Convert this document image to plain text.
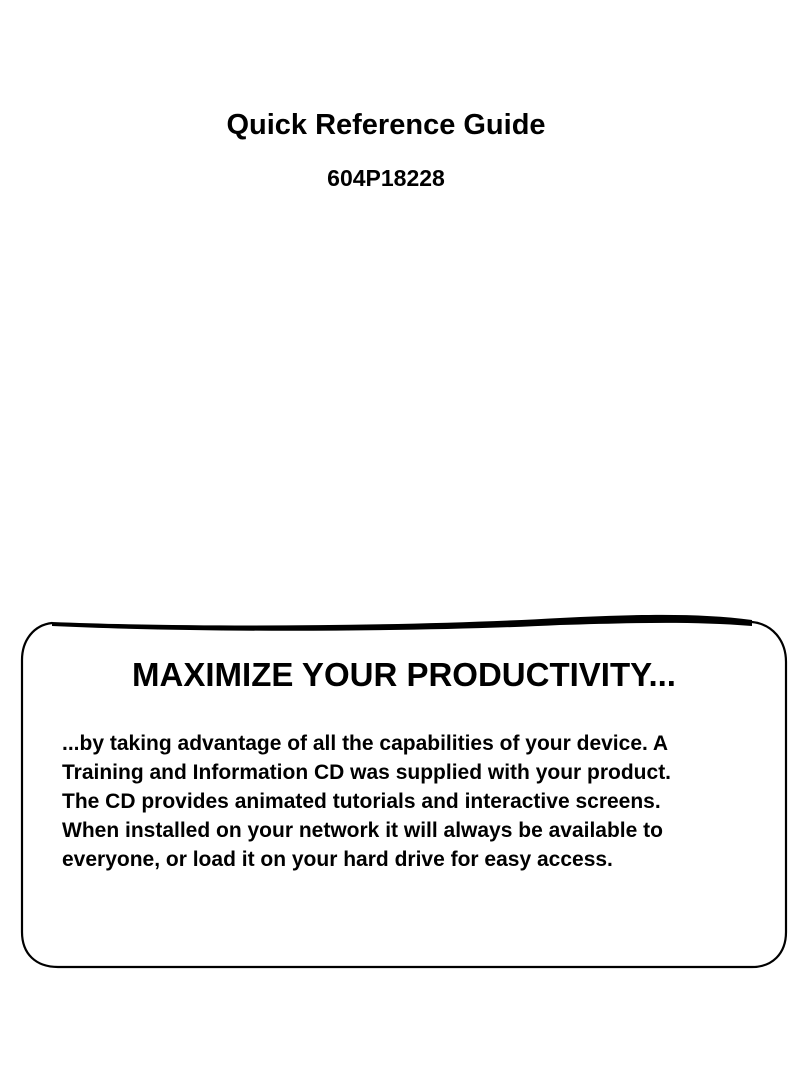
Quick Reference Guide
604P18228
MAXIMIZE YOUR PRODUCTIVITY...

...by taking advantage of all the capabilities of your device. A
Training and Information CD was supplied with your product.
The CD provides animated tutorials and interactive screens.
When installed on your network it will always be available to
everyone, or load it on your hard drive for easy access.
